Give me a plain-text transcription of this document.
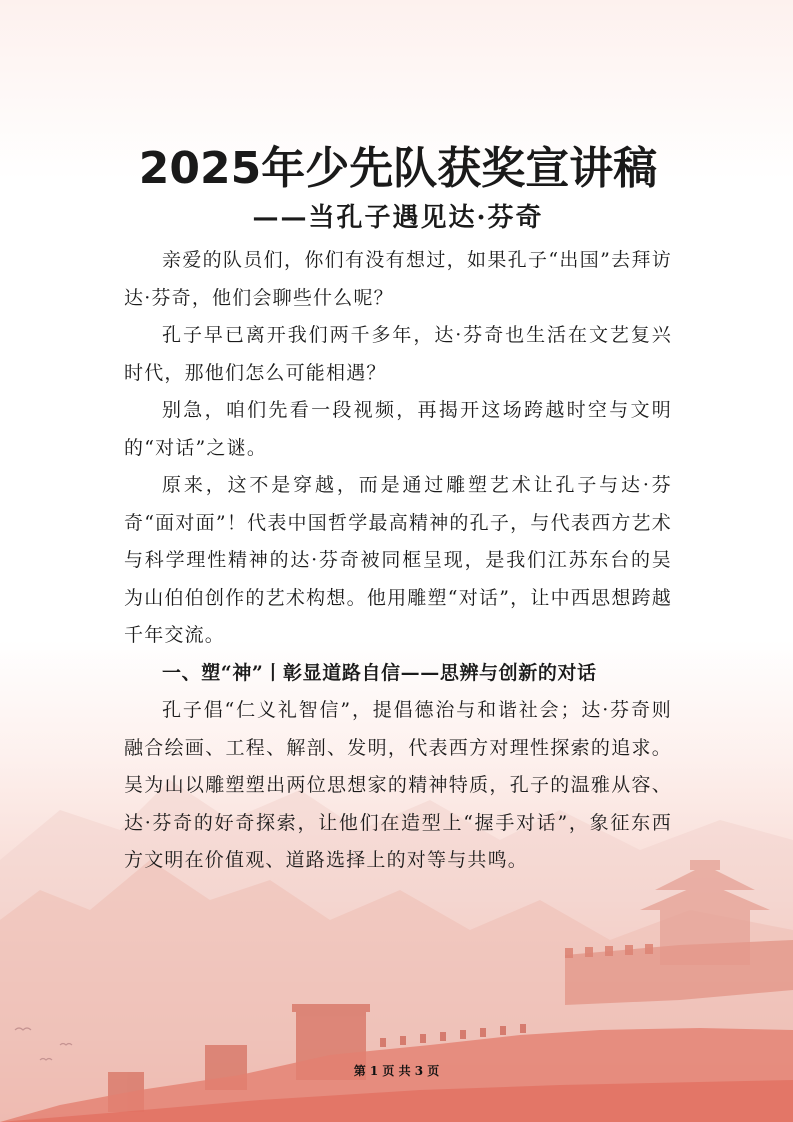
2025年少先队获奖宣讲稿
——当孔子遇见达·芬奇

亲爱的队员们，你们有没有想过，如果孔子“出国”去拜访达·芬奇，他们会聊些什么呢？

孔子早已离开我们两千多年，达·芬奇也生活在文艺复兴时代，那他们怎么可能相遇？

别急，咱们先看一段视频，再揭开这场跨越时空与文明的“对话”之谜。

原来，这不是穿越，而是通过雕塑艺术让孔子与达·芬奇“面对面”！代表中国哲学最高精神的孔子，与代表西方艺术与科学理性精神的达·芬奇被同框呈现，是我们江苏东台的吴为山伯伯创作的艺术构想。他用雕塑“对话”，让中西思想跨越千年交流。

一、塑“神”丨彰显道路自信——思辨与创新的对话

孔子倡“仁义礼智信”，提倡德治与和谐社会；达·芬奇则融合绘画、工程、解剖、发明，代表西方对理性探索的追求。吴为山以雕塑塑出两位思想家的精神特质，孔子的温雅从容、达·芬奇的好奇探索，让他们在造型上“握手对话”，象征东西方文明在价值观、道路选择上的对等与共鸣。

第 1 页 共 3 页
